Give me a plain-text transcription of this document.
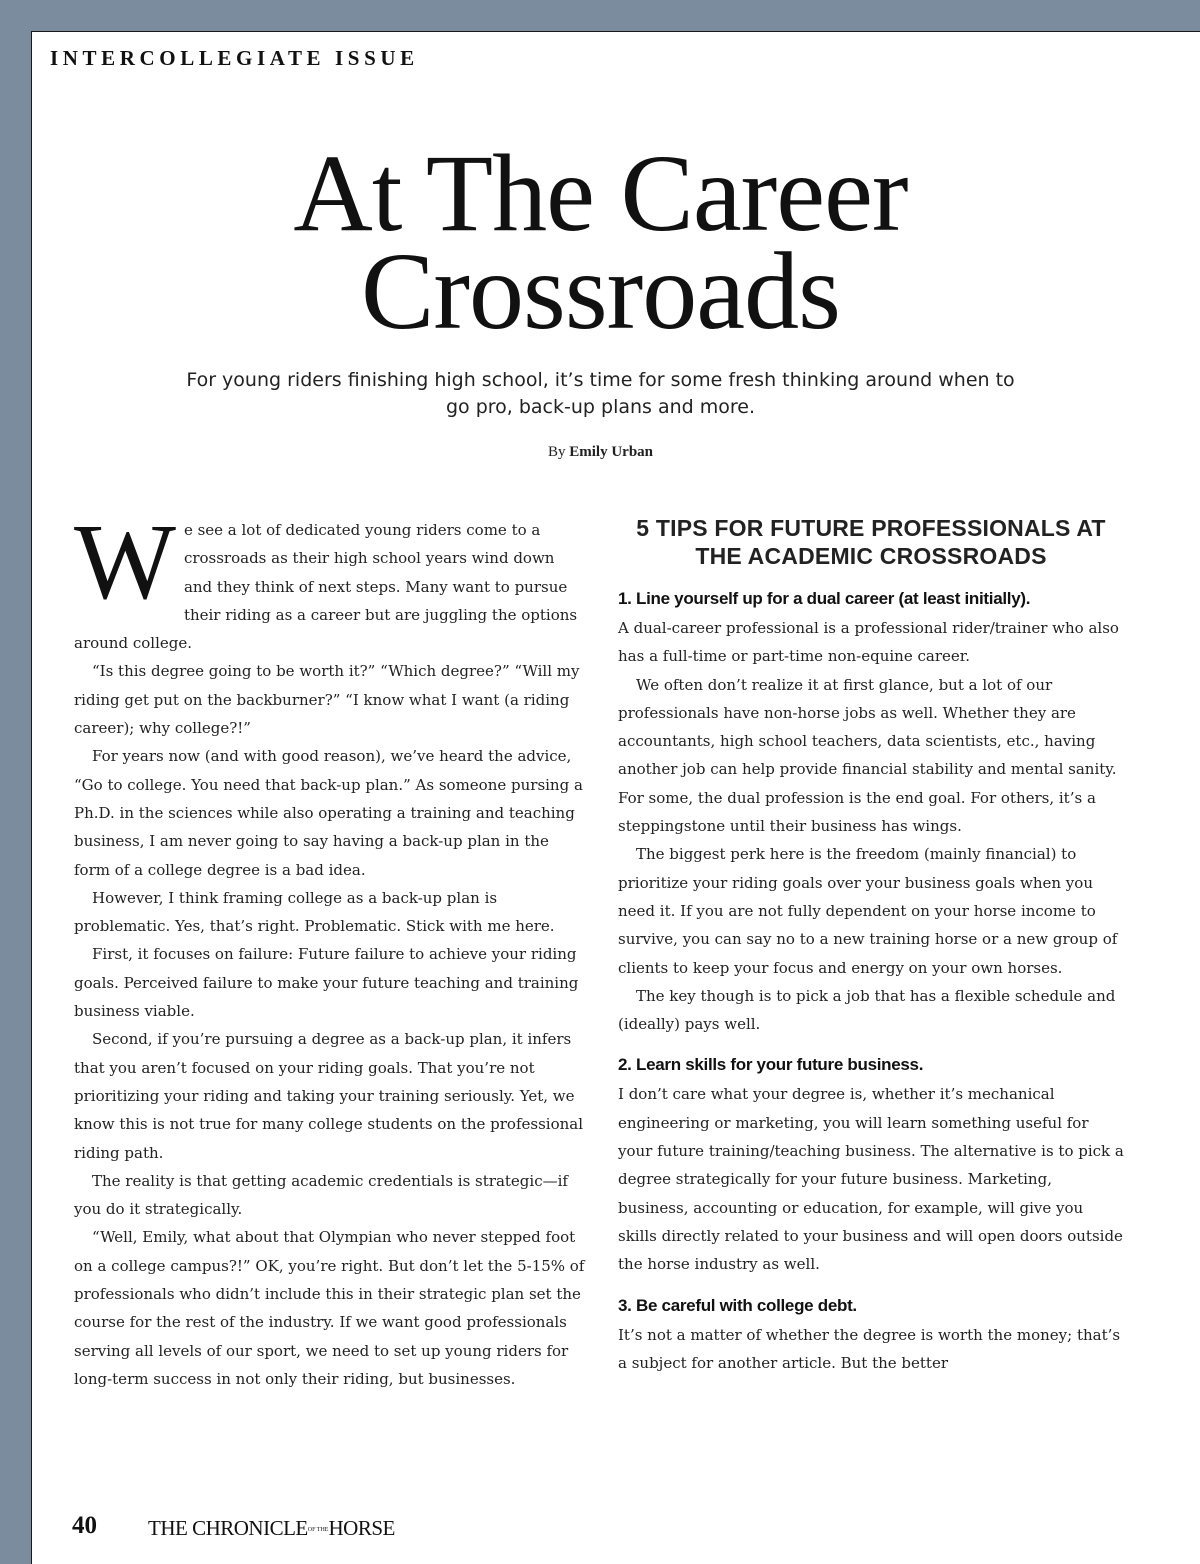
INTERCOLLEGIATE ISSUE
At The Career
Crossroads
For young riders finishing high school, it’s time for some fresh thinking around when to go pro, back-up plans and more.
By Emily Urban

We see a lot of dedicated young riders come to a crossroads as their high school years wind down and they think of next steps. Many want to pursue their riding as a career but are juggling the options around college.

“Is this degree going to be worth it?” “Which degree?” “Will my riding get put on the backburner?” “I know what I want (a riding career); why college?!”

For years now (and with good reason), we’ve heard the advice, “Go to college. You need that back-up plan.” As someone pursing a Ph.D. in the sciences while also operating a training and teaching business, I am never going to say having a back-up plan in the form of a college degree is a bad idea.

However, I think framing college as a back-up plan is problematic. Yes, that’s right. Problematic. Stick with me here.

First, it focuses on failure: Future failure to achieve your riding goals. Perceived failure to make your future teaching and training business viable.

Second, if you’re pursuing a degree as a back-up plan, it infers that you aren’t focused on your riding goals. That you’re not prioritizing your riding and taking your training seriously. Yet, we know this is not true for many college students on the professional riding path.

The reality is that getting academic credentials is strategic—if you do it strategically.

“Well, Emily, what about that Olympian who never stepped foot on a college campus?!” OK, you’re right. But don’t let the 5-15% of professionals who didn’t include this in their strategic plan set the course for the rest of the industry. If we want good professionals serving all levels of our sport, we need to set up young riders for long-term success in not only their riding, but businesses.

5 TIPS FOR FUTURE PROFESSIONALS AT THE ACADEMIC CROSSROADS
1. Line yourself up for a dual career (at least initially).

A dual-career professional is a professional rider/trainer who also has a full-time or part-time non-equine career.

We often don’t realize it at first glance, but a lot of our professionals have non-horse jobs as well. Whether they are accountants, high school teachers, data scientists, etc., having another job can help provide financial stability and mental sanity. For some, the dual profession is the end goal. For others, it’s a steppingstone until their business has wings.

The biggest perk here is the freedom (mainly financial) to prioritize your riding goals over your business goals when you need it. If you are not fully dependent on your horse income to survive, you can say no to a new training horse or a new group of clients to keep your focus and energy on your own horses.

The key though is to pick a job that has a flexible schedule and (ideally) pays well.

2. Learn skills for your future business.

I don’t care what your degree is, whether it’s mechanical engineering or marketing, you will learn something useful for your future training/teaching business. The alternative is to pick a degree strategically for your future business. Marketing, business, accounting or education, for example, will give you skills directly related to your business and will open doors outside the horse industry as well.

3. Be careful with college debt.

It’s not a matter of whether the degree is worth the money; that’s a subject for another article. But the better

40 THE CHRONICLEOF THEHORSE
